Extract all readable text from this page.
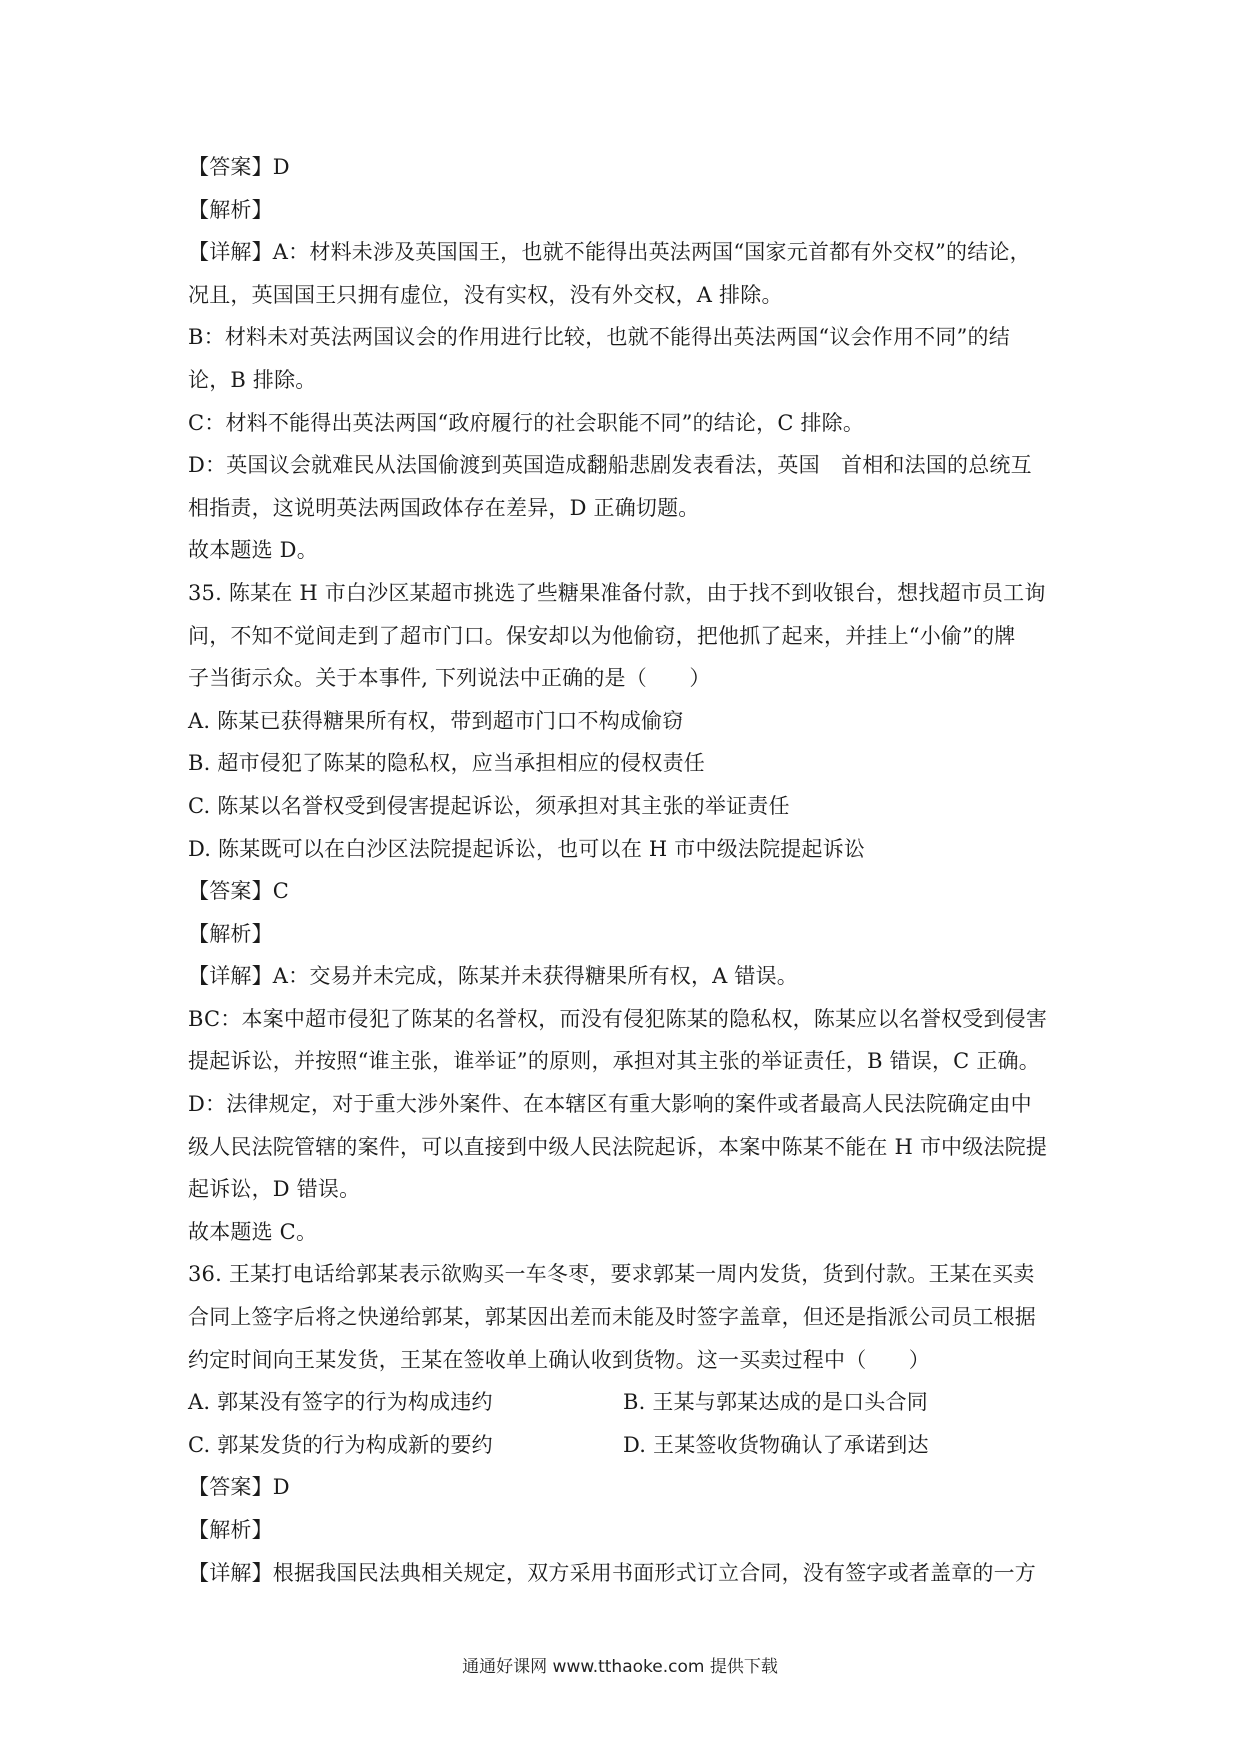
【答案】D
【解析】
【详解】A：材料未涉及英国国王，也就不能得出英法两国“国家元首都有外交权”的结论，
况且，英国国王只拥有虚位，没有实权，没有外交权，A 排除。
B：材料未对英法两国议会的作用进行比较，也就不能得出英法两国“议会作用不同”的结
论，B 排除。
C：材料不能得出英法两国“政府履行的社会职能不同”的结论，C 排除。
D：英国议会就难民从法国偷渡到英国造成翻船悲剧发表看法，英国　首相和法国的总统互
相指责，这说明英法两国政体存在差异，D 正确切题。
故本题选 D。
35. 陈某在 H 市白沙区某超市挑选了些糖果准备付款，由于找不到收银台，想找超市员工询
问，不知不觉间走到了超市门口。保安却以为他偷窃，把他抓了起来，并挂上“小偷”的牌
子当街示众。关于本事件, 下列说法中正确的是（　　）
A. 陈某已获得糖果所有权，带到超市门口不构成偷窃
B. 超市侵犯了陈某的隐私权，应当承担相应的侵权责任
C. 陈某以名誉权受到侵害提起诉讼，须承担对其主张的举证责任
D. 陈某既可以在白沙区法院提起诉讼，也可以在 H 市中级法院提起诉讼
【答案】C
【解析】
【详解】A：交易并未完成，陈某并未获得糖果所有权，A 错误。
BC：本案中超市侵犯了陈某的名誉权，而没有侵犯陈某的隐私权，陈某应以名誉权受到侵害
提起诉讼，并按照“谁主张，谁举证”的原则，承担对其主张的举证责任，B 错误，C 正确。
D：法律规定，对于重大涉外案件、在本辖区有重大影响的案件或者最高人民法院确定由中
级人民法院管辖的案件，可以直接到中级人民法院起诉，本案中陈某不能在 H 市中级法院提
起诉讼，D 错误。
故本题选 C。
36. 王某打电话给郭某表示欲购买一车冬枣，要求郭某一周内发货，货到付款。王某在买卖
合同上签字后将之快递给郭某，郭某因出差而未能及时签字盖章，但还是指派公司员工根据
约定时间向王某发货，王某在签收单上确认收到货物。这一买卖过程中（　　）
A. 郭某没有签字的行为构成违约	B. 王某与郭某达成的是口头合同
C. 郭某发货的行为构成新的要约	D. 王某签收货物确认了承诺到达
【答案】D
【解析】
【详解】根据我国民法典相关规定，双方采用书面形式订立合同，没有签字或者盖章的一方
通通好课网 www.tthaoke.com 提供下载
